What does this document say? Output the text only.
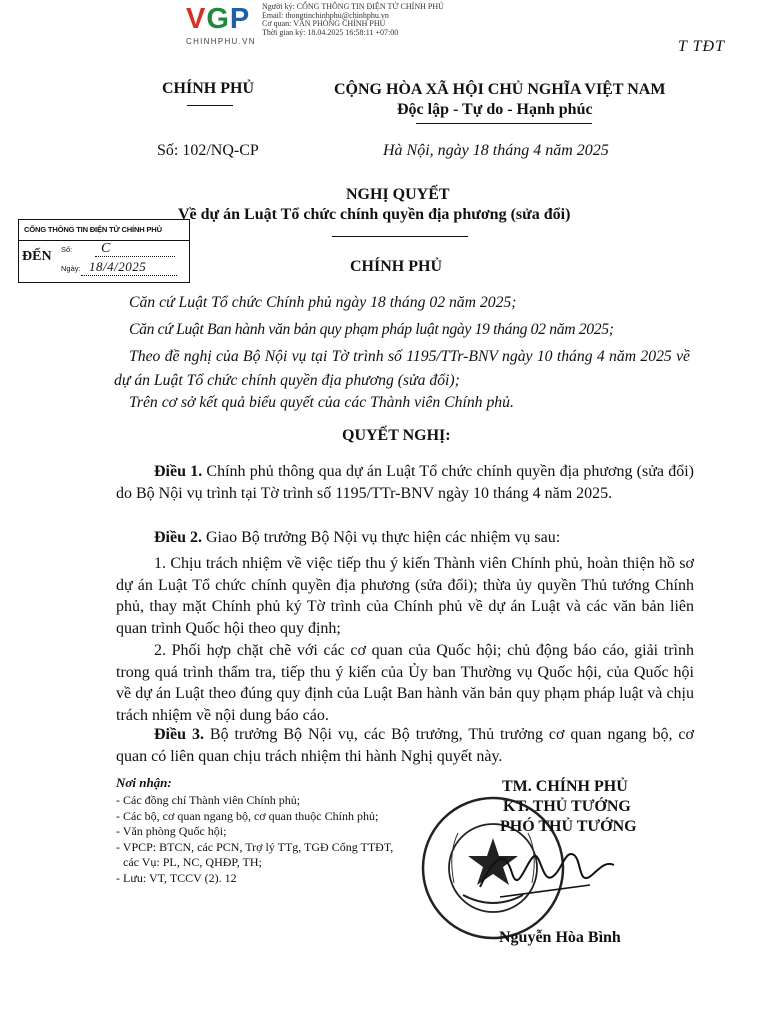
VGP
CHINHPHU.VN
Người ký: CỔNG THÔNG TIN ĐIỆN TỬ CHÍNH PHỦ
Email: thongtinchinhphu@chinhphu.vn
Cơ quan: VĂN PHÒNG CHÍNH PHỦ
Thời gian ký: 18.04.2025 16:58:11 +07:00
T TĐT
CHÍNH PHỦ	CỘNG HÒA XÃ HỘI CHỦ NGHĨA VIỆT NAM
Độc lập - Tự do - Hạnh phúc
Số: 102/NQ-CP	Hà Nội, ngày 18 tháng 4 năm 2025
NGHỊ QUYẾT
Về dự án Luật Tổ chức chính quyền địa phương (sửa đổi)
CỔNG THÔNG TIN ĐIỆN TỬ CHÍNH PHỦ
ĐẾN Số: C
Ngày: 18/4/2025	CHÍNH PHỦ
Căn cứ Luật Tổ chức Chính phủ ngày 18 tháng 02 năm 2025;
Căn cứ Luật Ban hành văn bản quy phạm pháp luật ngày 19 tháng 02 năm 2025;
Theo đề nghị của Bộ Nội vụ tại Tờ trình số 1195/TTr-BNV ngày 10 tháng 4 năm 2025 về dự án Luật Tổ chức chính quyền địa phương (sửa đổi);
Trên cơ sở kết quả biểu quyết của các Thành viên Chính phủ.
QUYẾT NGHỊ:
Điều 1. Chính phủ thông qua dự án Luật Tổ chức chính quyền địa phương (sửa đổi) do Bộ Nội vụ trình tại Tờ trình số 1195/TTr-BNV ngày 10 tháng 4 năm 2025.
Điều 2. Giao Bộ trưởng Bộ Nội vụ thực hiện các nhiệm vụ sau:
1. Chịu trách nhiệm về việc tiếp thu ý kiến Thành viên Chính phủ, hoàn thiện hồ sơ dự án Luật Tổ chức chính quyền địa phương (sửa đổi); thừa ủy quyền Thủ tướng Chính phủ, thay mặt Chính phủ ký Tờ trình của Chính phủ về dự án Luật và các văn bản liên quan trình Quốc hội theo quy định;
2. Phối hợp chặt chẽ với các cơ quan của Quốc hội; chủ động báo cáo, giải trình trong quá trình thẩm tra, tiếp thu ý kiến của Ủy ban Thường vụ Quốc hội, của Quốc hội về dự án Luật theo đúng quy định của Luật Ban hành văn bản quy phạm pháp luật và chịu trách nhiệm về nội dung báo cáo.
Điều 3. Bộ trưởng Bộ Nội vụ, các Bộ trưởng, Thủ trưởng cơ quan ngang bộ, cơ quan có liên quan chịu trách nhiệm thi hành Nghị quyết này.
Nơi nhận:
- Các đồng chí Thành viên Chính phủ;
- Các bộ, cơ quan ngang bộ, cơ quan thuộc Chính phủ;
- Văn phòng Quốc hội;
- VPCP: BTCN, các PCN, Trợ lý TTg, TGĐ Cổng TTĐT,
các Vụ: PL, NC, QHĐP, TH;
- Lưu: VT, TCCV (2). 12
TM. CHÍNH PHỦ
KT. THỦ TƯỚNG
PHÓ THỦ TƯỚNG
Nguyễn Hòa Bình
